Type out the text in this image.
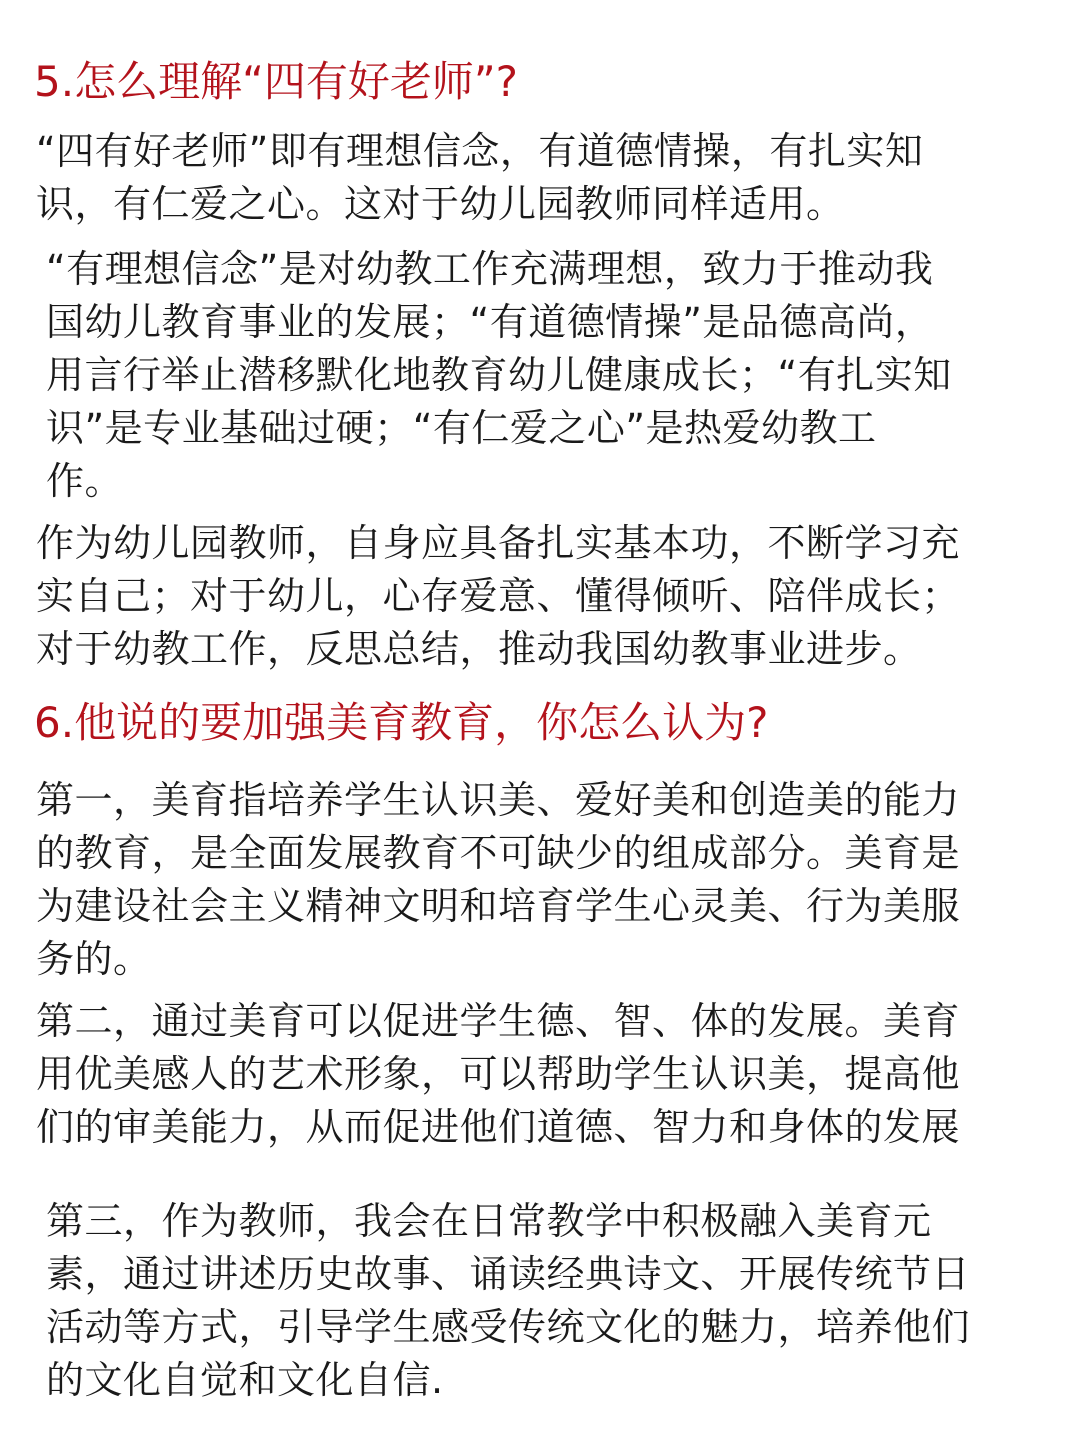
5.怎么理解“四有好老师”?

“四有好老师”即有理想信念，有道德情操，有扎实知
识，有仁爱之心。这对于幼儿园教师同样适用。

“有理想信念”是对幼教工作充满理想，致力于推动我
国幼儿教育事业的发展；“有道德情操”是品德高尚，
用言行举止潜移默化地教育幼儿健康成长；“有扎实知
识”是专业基础过硬；“有仁爱之心”是热爱幼教工
作。

作为幼儿园教师，自身应具备扎实基本功，不断学习充
实自己；对于幼儿，心存爱意、懂得倾听、陪伴成长；
对于幼教工作，反思总结，推动我国幼教事业进步。

6.他说的要加强美育教育，你怎么认为?

第一，美育指培养学生认识美、爱好美和创造美的能力
的教育，是全面发展教育不可缺少的组成部分。美育是
为建设社会主义精神文明和培育学生心灵美、行为美服
务的。

第二，通过美育可以促进学生德、智、体的发展。美育
用优美感人的艺术形象，可以帮助学生认识美，提高他
们的审美能力，从而促进他们道德、智力和身体的发展

第三，作为教师，我会在日常教学中积极融入美育元
素，通过讲述历史故事、诵读经典诗文、开展传统节日
活动等方式，引导学生感受传统文化的魅力，培养他们
的文化自觉和文化自信.
